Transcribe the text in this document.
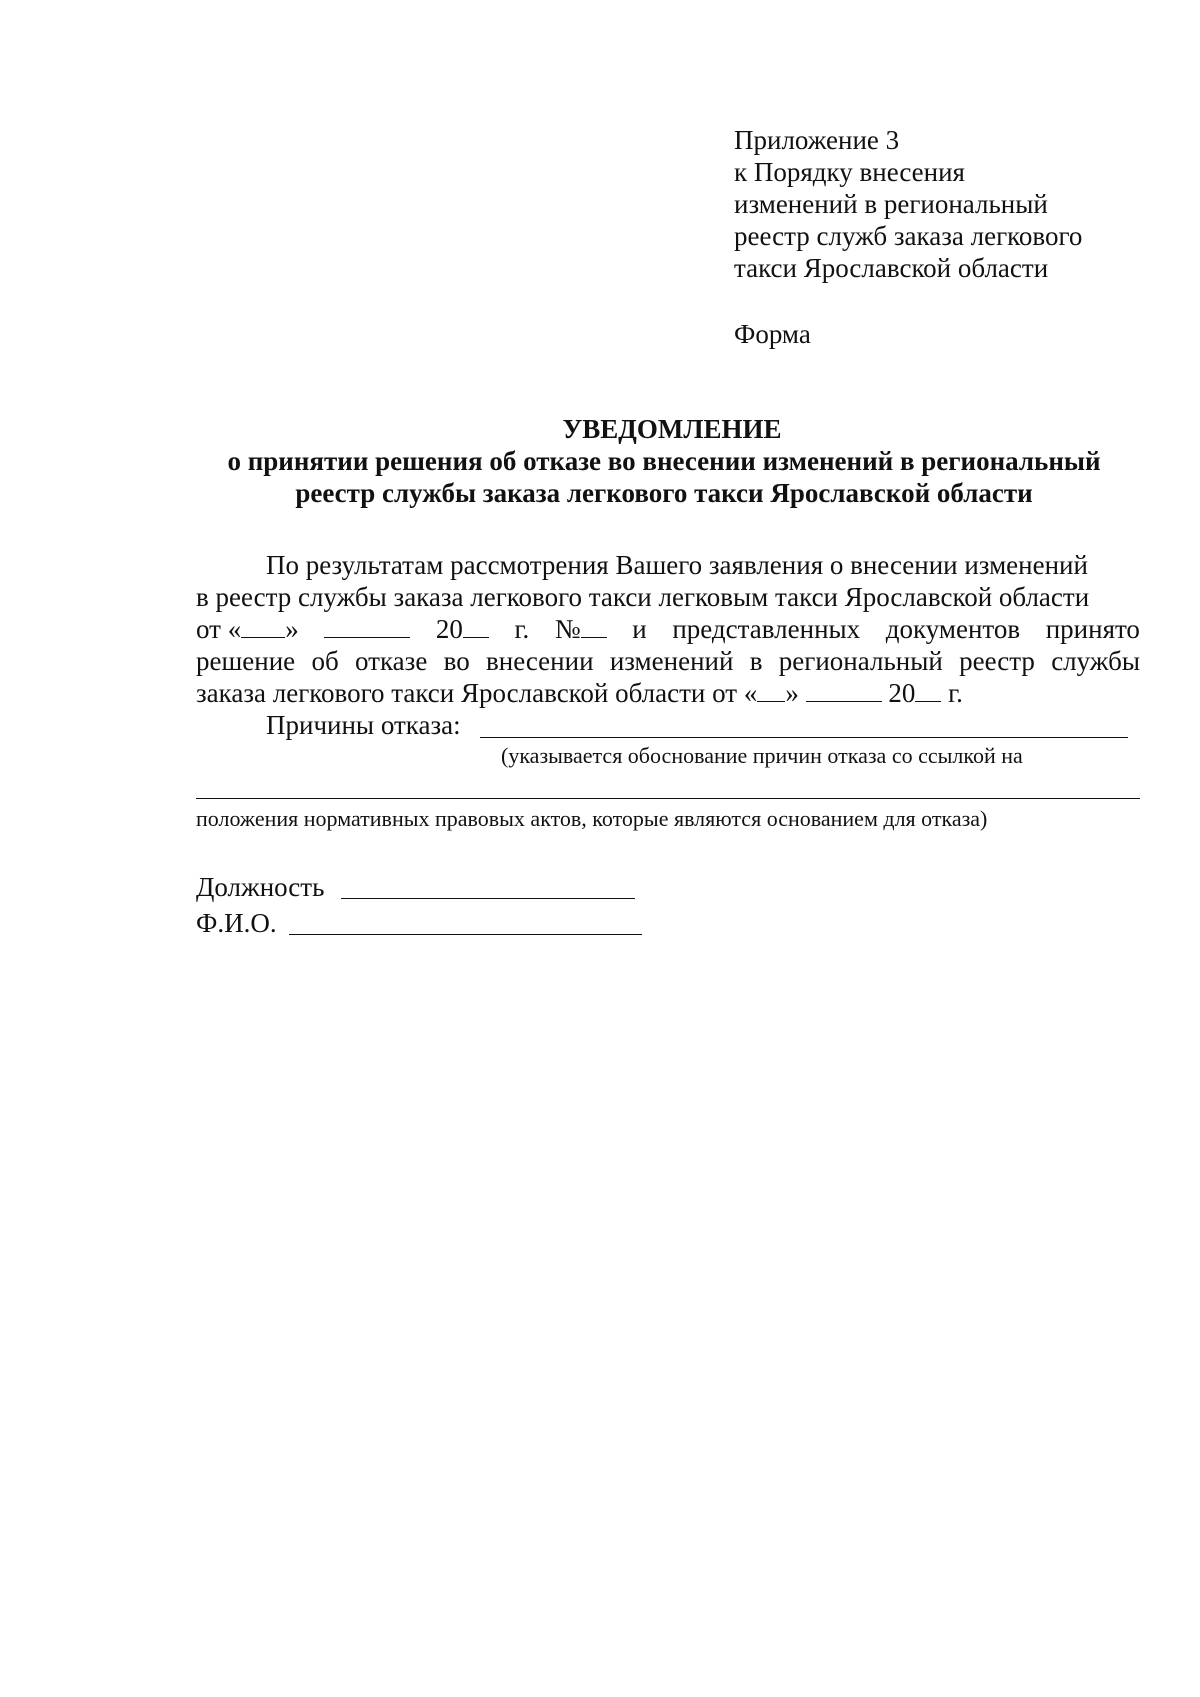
Приложение 3
к Порядку внесения
изменений в региональный
реестр служб заказа легкового
такси Ярославской области
Форма
УВЕДОМЛЕНИЕ
о принятии решения об отказе во внесении изменений в региональный
реестр службы заказа легкового такси Ярославской области
По результатам рассмотрения Вашего заявления о внесении изменений
в реестр службы заказа легкового такси легковым такси Ярославской области
от « »	20	г. №	и представленных документов принято
решение об отказе во внесении изменений в региональный реестр службы
заказа легкового такси Ярославской области от « »	20 г.
Причины отказа:
(указывается обоснование причин отказа со ссылкой на
положения нормативных правовых актов, которые являются основанием для отказа)
Должность
Ф.И.О.
